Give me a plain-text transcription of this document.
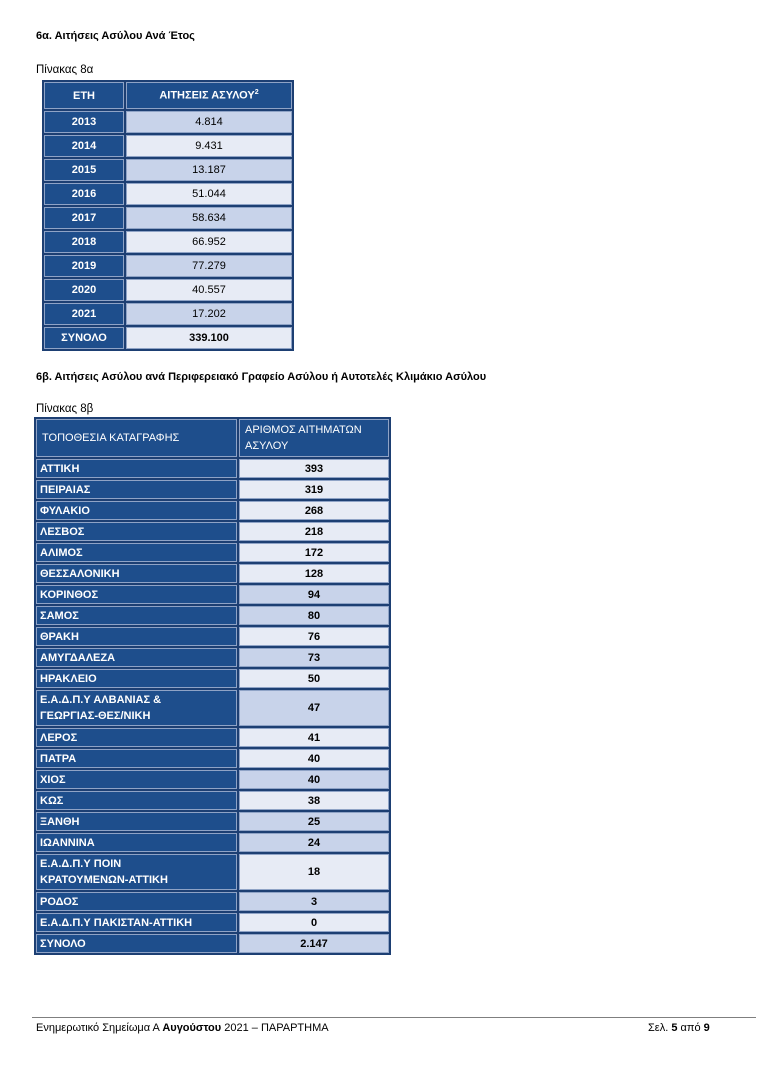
6α. Αιτήσεις Ασύλου Ανά Έτος
Πίνακας 8α
ΕΤΗ	ΑΙΤΗΣΕΙΣ ΑΣΥΛΟΥ$^2$
2013	4.814
2014	9.431
2015	13.187
2016	51.044
2017	58.634
2018	66.952
2019	77.279
2020	40.557
2021	17.202
ΣΥΝΟΛΟ	339.100
6β. Αιτήσεις Ασύλου ανά Περιφερειακό Γραφείο Ασύλου ή Αυτοτελές Κλιμάκιο Ασύλου
Πίνακας 8β
ΤΟΠΟΘΕΣΙΑ ΚΑΤΑΓΡΑΦΗΣ	ΑΡΙΘΜΟΣ ΑΙΤΗΜΑΤΩΝ
ΑΣΥΛΟΥ
ΑΤΤΙΚΗ	393
ΠΕΙΡΑΙΑΣ	319
ΦΥΛΑΚΙΟ	268
ΛΕΣΒΟΣ	218
ΑΛΙΜΟΣ	172
ΘΕΣΣΑΛΟΝΙΚΗ	128
ΚΟΡΙΝΘΟΣ	94
ΣΑΜΟΣ	80
ΘΡΑΚΗ	76
ΑΜΥΓΔΑΛΕΖΑ	73
ΗΡΑΚΛΕΙΟ	50
Ε.Α.Δ.Π.Υ ΑΛΒΑΝΙΑΣ &
ΓΕΩΡΓΙΑΣ-ΘΕΣ/ΝΙΚΗ	47
ΛΕΡΟΣ	41
ΠΑΤΡΑ	40
ΧΙΟΣ	40
ΚΩΣ	38
ΞΑΝΘΗ	25
ΙΩΑΝΝΙΝΑ	24
Ε.Α.Δ.Π.Υ ΠΟΙΝ
ΚΡΑΤΟΥΜΕΝΩΝ-ΑΤΤΙΚΗ	18
ΡΟΔΟΣ	3
Ε.Α.Δ.Π.Υ ΠΑΚΙΣΤΑΝ-ΑΤΤΙΚΗ	0
ΣΥΝΟΛΟ	2.147
Ενημερωτικό Σημείωμα Α Αυγούστου 2021 – ΠΑΡΑΡΤΗΜΑ	Σελ. 5 από 9
